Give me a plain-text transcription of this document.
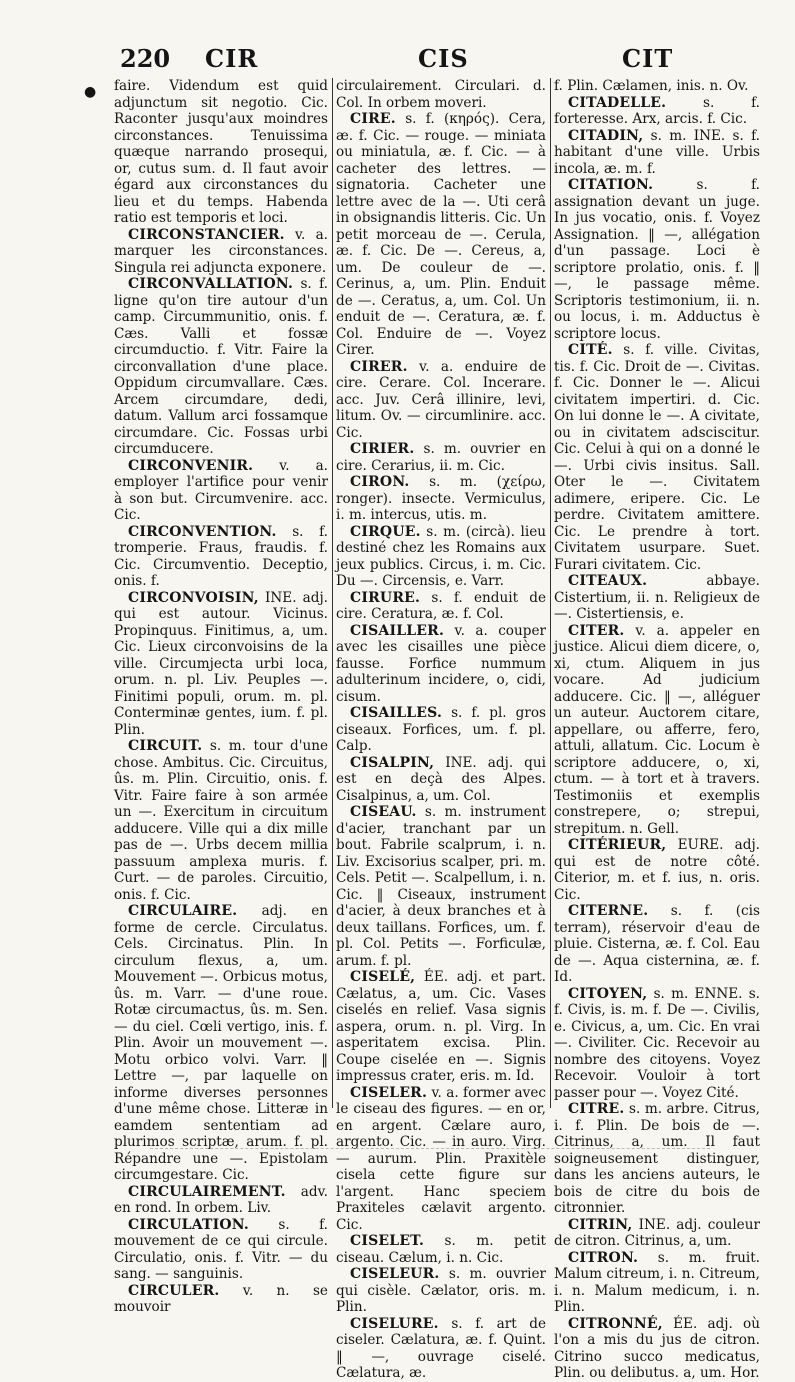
220 CIR	CIS	CIT
● faire. Videndum est quid adjunctum sit negotio. Cic. Raconter jusqu'aux moindres circonstances. Tenuissima quæque narrando prosequi, or, cutus sum. d. Il faut avoir égard aux circonstances du lieu et du temps. Habenda ratio est temporis et loci.

CIRCONSTANCIER. v. a. marquer les circonstances. Singula rei adjuncta exponere.

CIRCONVALLATION. s. f. ligne qu'on tire autour d'un camp. Circummunitio, onis. f. Cæs. Valli et fossæ circumductio. f. Vitr. Faire la circonvallation d'une place. Oppidum circumvallare. Cæs. Arcem circumdare, dedi, datum. Vallum arci fossamque circumdare. Cic. Fossas urbi circumducere.

CIRCONVENIR. v. a. employer l'artifice pour venir à son but. Circumvenire. acc. Cic.

CIRCONVENTION. s. f. tromperie. Fraus, fraudis. f. Cic. Circumventio. Deceptio, onis. f.

CIRCONVOISIN, INE. adj. qui est autour. Vicinus. Propinquus. Finitimus, a, um. Cic. Lieux circonvoisins de la ville. Circumjecta urbi loca, orum. n. pl. Liv. Peuples —. Finitimi populi, orum. m. pl. Conterminæ gentes, ium. f. pl. Plin.

CIRCUIT. s. m. tour d'une chose. Ambitus. Cic. Circuitus, ûs. m. Plin. Circuitio, onis. f. Vitr. Faire faire à son armée un —. Exercitum in circuitum adducere. Ville qui a dix mille pas de —. Urbs decem millia passuum amplexa muris. f. Curt. — de paroles. Circuitio, onis. f. Cic.

CIRCULAIRE. adj. en forme de cercle. Circulatus. Cels. Circinatus. Plin. In circulum flexus, a, um. Mouvement —. Orbicus motus, ûs. m. Varr. — d'une roue. Rotæ circumactus, ûs. m. Sen. — du ciel. Cœli vertigo, inis. f. Plin. Avoir un mouvement —. Motu orbico volvi. Varr. ‖ Lettre —, par laquelle on informe diverses personnes d'une même chose. Litteræ in eamdem sententiam ad plurimos scriptæ, arum. f. pl. Répandre une —. Epistolam circumgestare. Cic.

CIRCULAIREMENT. adv. en rond. In orbem. Liv.

CIRCULATION. s. f. mouvement de ce qui circule. Circulatio, onis. f. Vitr. — du sang. — sanguinis.

CIRCULER. v. n. se mouvoir

circulairement. Circulari. d. Col. In orbem moveri.

CIRE. s. f. (κηρός). Cera, æ. f. Cic. — rouge. — miniata ou miniatula, æ. f. Cic. — à cacheter des lettres. — signatoria. Cacheter une lettre avec de la —. Uti cerâ in obsignandis litteris. Cic. Un petit morceau de —. Cerula, æ. f. Cic. De —. Cereus, a, um. De couleur de —. Cerinus, a, um. Plin. Enduit de —. Ceratus, a, um. Col. Un enduit de —. Ceratura, æ. f. Col. Enduire de —. Voyez Cirer.

CIRER. v. a. enduire de cire. Cerare. Col. Incerare. acc. Juv. Cerâ illinire, levi, litum. Ov. — circumlinire. acc. Cic.

CIRIER. s. m. ouvrier en cire. Cerarius, ii. m. Cic.

CIRON. s. m. (χείρω, ronger). insecte. Vermiculus, i. m. intercus, utis. m.

CIRQUE. s. m. (circà). lieu destiné chez les Romains aux jeux publics. Circus, i. m. Cic. Du —. Circensis, e. Varr.

CIRURE. s. f. enduit de cire. Ceratura, æ. f. Col.

CISAILLER. v. a. couper avec les cisailles une pièce fausse. Forfice nummum adulterinum incidere, o, cidi, cisum.

CISAILLES. s. f. pl. gros ciseaux. Forfices, um. f. pl. Calp.

CISALPIN, INE. adj. qui est en deçà des Alpes. Cisalpinus, a, um. Col.

CISEAU. s. m. instrument d'acier, tranchant par un bout. Fabrile scalprum, i. n. Liv. Excisorius scalper, pri. m. Cels. Petit —. Scalpellum, i. n. Cic. ‖ Ciseaux, instrument d'acier, à deux branches et à deux taillans. Forfices, um. f. pl. Col. Petits —. Forficulæ, arum. f. pl.

CISELÉ, ÉE. adj. et part. Cælatus, a, um. Cic. Vases ciselés en relief. Vasa signis aspera, orum. n. pl. Virg. In asperitatem excisa. Plin. Coupe ciselée en —. Signis impressus crater, eris. m. Id.

CISELER. v. a. former avec le ciseau des figures. — en or, en argent. Cælare auro, argento. Cic. — in auro. Virg. — aurum. Plin. Praxitèle cisela cette figure sur l'argent. Hanc speciem Praxiteles cælavit argento. Cic.

CISELET. s. m. petit ciseau. Cælum, i. n. Cic.

CISELEUR. s. m. ouvrier qui cisèle. Cælator, oris. m. Plin.

CISELURE. s. f. art de ciseler. Cælatura, æ. f. Quint. ‖ —, ouvrage ciselé. Cælatura, æ.

f. Plin. Cælamen, inis. n. Ov.

CITADELLE.	s. f. forteresse. Arx, arcis. f. Cic.

CITADIN, s. m. INE. s. f. habitant d'une ville. Urbis incola, æ. m. f.

CITATION.	s. f. assignation devant un juge. In jus vocatio, onis. f. Voyez Assignation. ‖ —, allégation d'un passage. Loci è scriptore prolatio, onis. f. ‖ —, le passage même. Scriptoris testimonium, ii. n. ou locus, i. m. Adductus è scriptore locus.

CITÉ. s. f. ville. Civitas, tis. f. Cic. Droit de —. Civitas. f. Cic. Donner le —. Alicui civitatem impertiri. d. Cic. On lui donne le —. A civitate, ou in civitatem adsciscitur. Cic. Celui à qui on a donné le —. Urbi civis insitus. Sall. Oter le —. Civitatem adimere, eripere. Cic. Le perdre. Civitatem amittere. Cic. Le prendre à tort. Civitatem usurpare. Suet. Furari civitatem. Cic.

CITEAUX.	abbaye. Cistertium, ii. n. Religieux de —. Cistertiensis, e.

CITER. v. a. appeler en justice. Alicui diem dicere, o, xi, ctum. Aliquem in jus vocare. Ad judicium adducere. Cic. ‖ —, alléguer un auteur. Auctorem citare, appellare, ou afferre, fero, attuli, allatum. Cic. Locum è scriptore adducere, o, xi, ctum. — à tort et à travers. Testimoniis et exemplis constrepere, o; strepui, strepitum. n. Gell.

CITÉRIEUR, EURE. adj. qui est de notre côté. Citerior, m. et f. ius, n. oris. Cic.

CITERNE. s. f. (cis terram), réservoir d'eau de pluie. Cisterna, æ. f. Col. Eau de —. Aqua cisternina, æ. f. Id.

CITOYEN, s. m. ENNE. s. f. Civis, is. m. f. De —. Civilis, e. Civicus, a, um. Cic. En vrai —. Civiliter. Cic. Recevoir au nombre des citoyens. Voyez Recevoir. Vouloir à tort passer pour —. Voyez Cité.

CITRE. s. m. arbre. Citrus, i. f. Plin. De bois de —. Citrinus, a, um. Il faut soigneusement distinguer, dans les anciens auteurs, le bois de citre du bois de citronnier.

CITRIN, INE. adj. couleur de citron. Citrinus, a, um.

CITRON. s. m. fruit. Malum citreum, i. n. Citreum, i. n. Malum medicum, i. n. Plin.

CITRONNÉ, ÉE. adj. où l'on a mis du jus de citron. Citrino succo medicatus, Plin. ou delibutus. a, um. Hor.
